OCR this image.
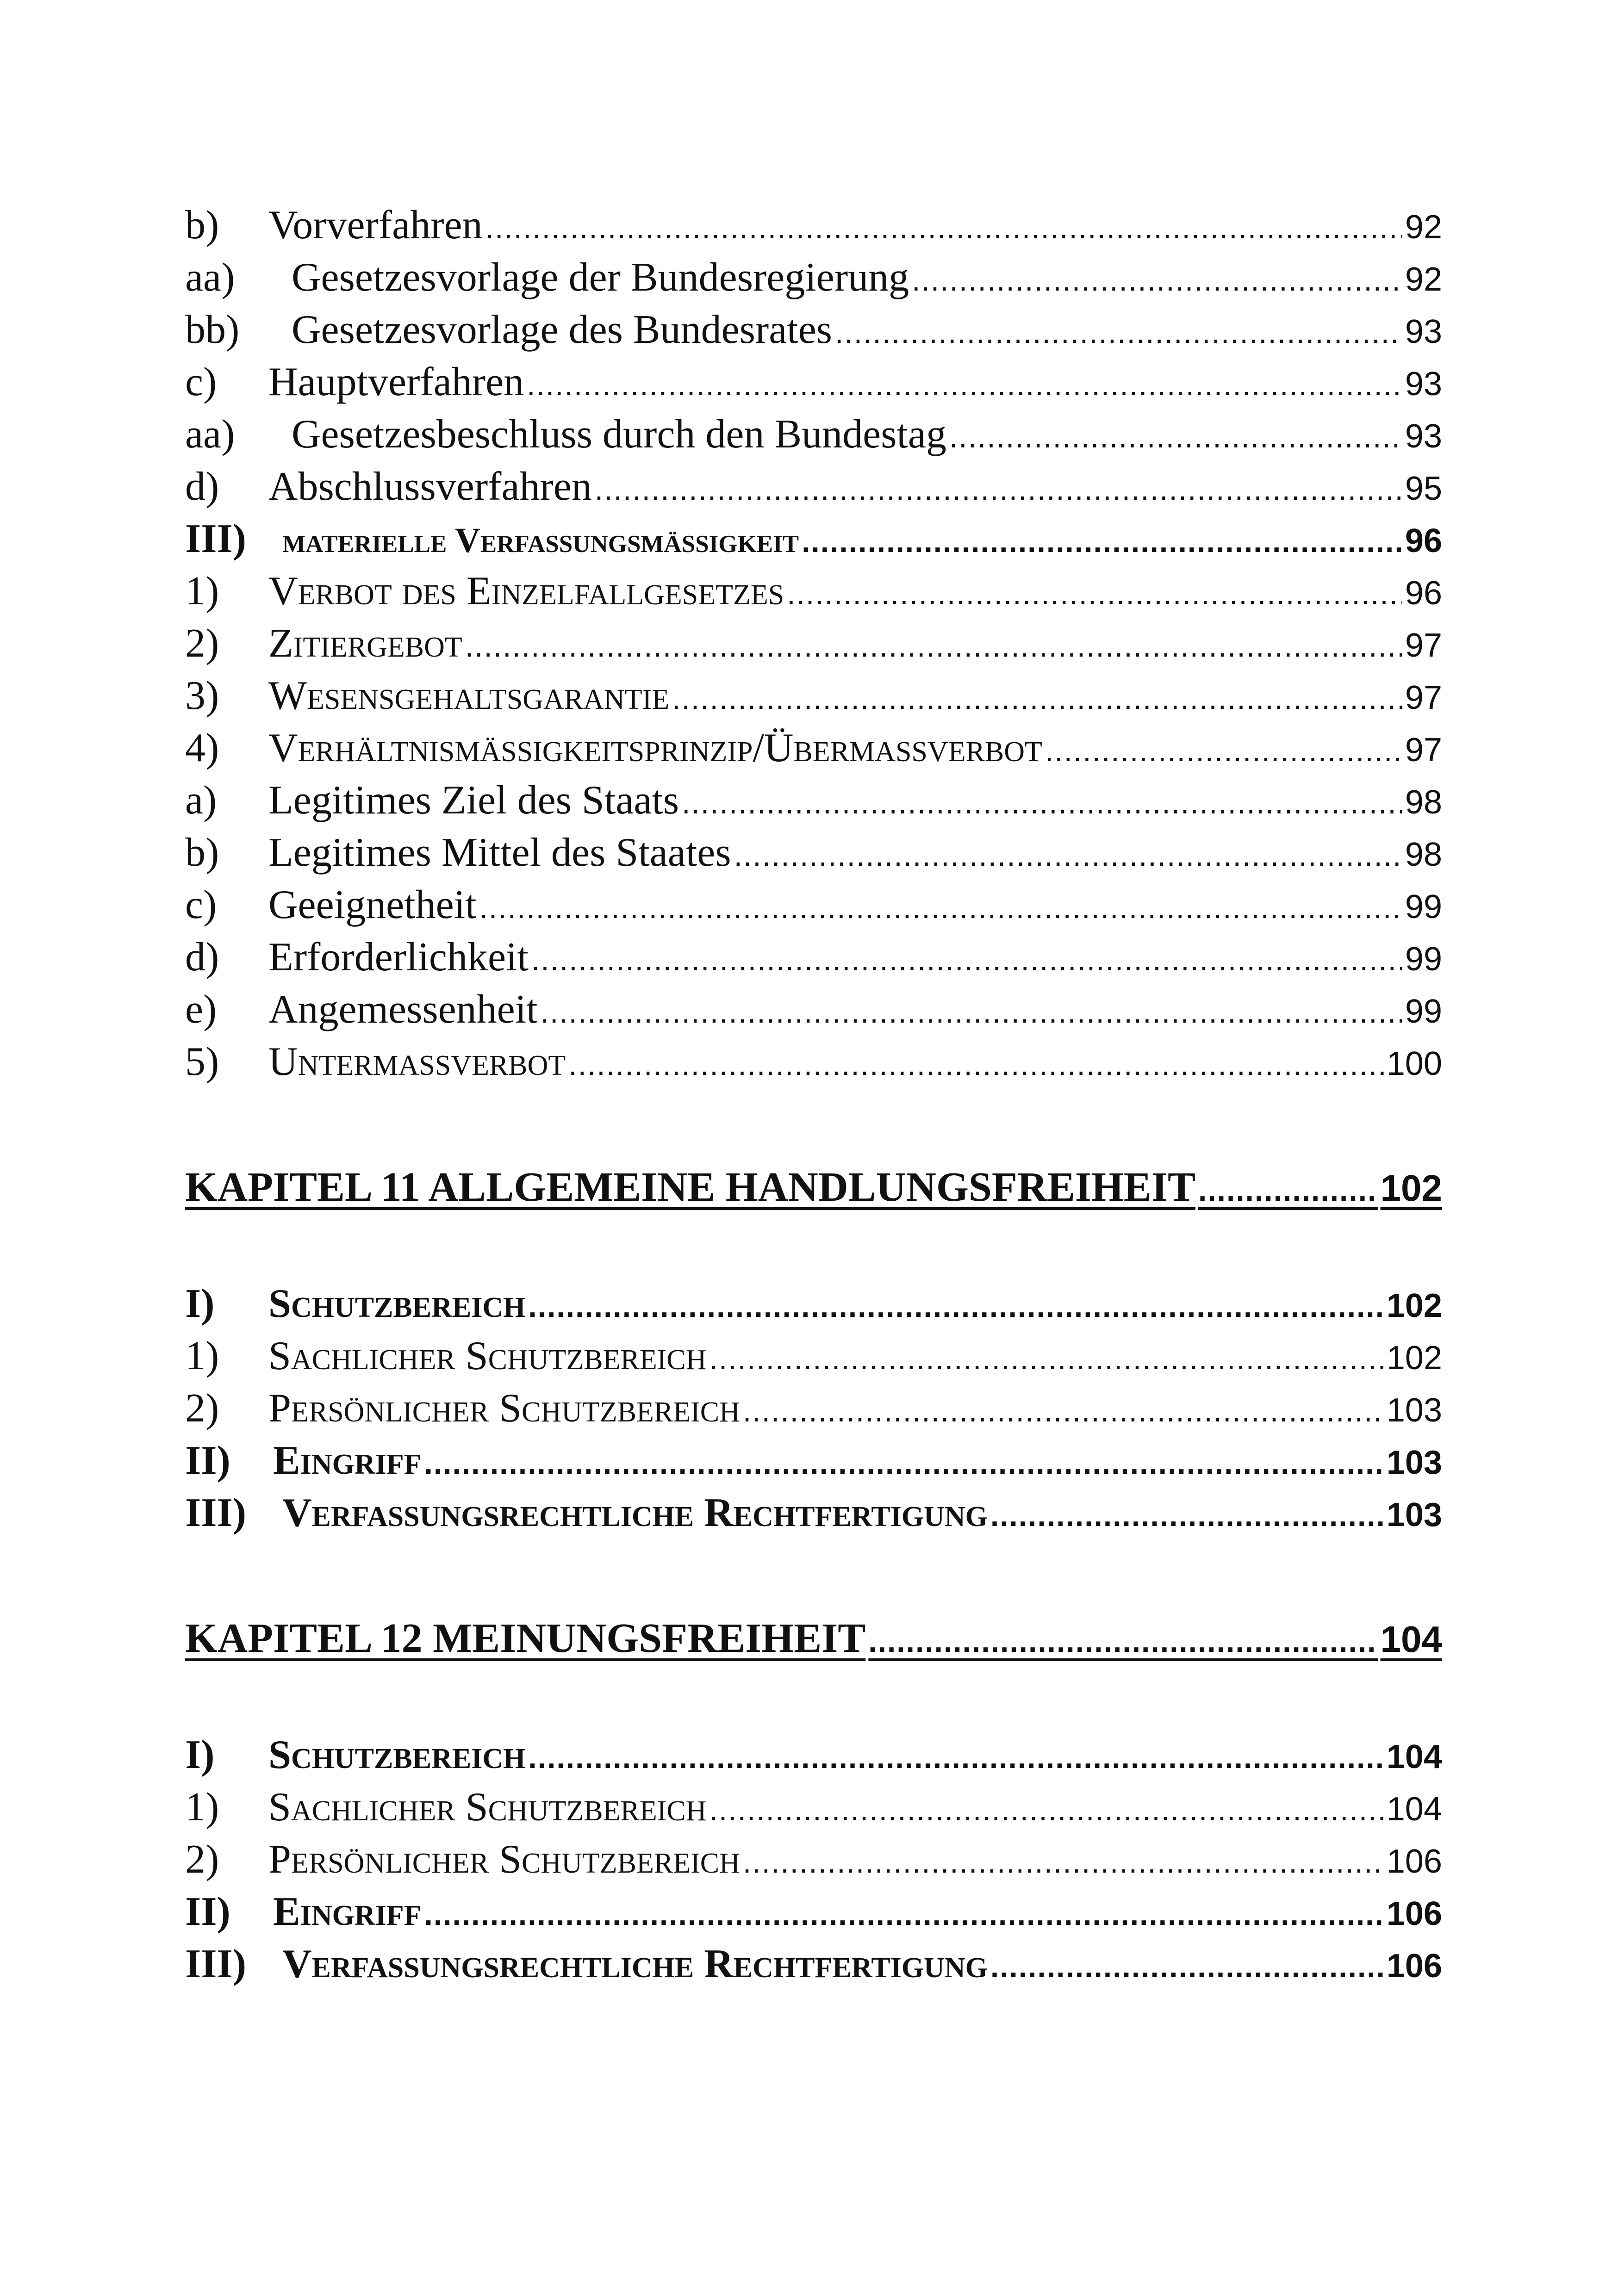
b)	Vorverfahren .....	92
aa)	Gesetzesvorlage der Bundesregierung .....	92
bb)	Gesetzesvorlage des Bundesrates .....	93
c)	Hauptverfahren .....	93
aa)	Gesetzesbeschluss durch den Bundestag .....	93
d)	Abschlussverfahren .....	95
III)	materielle Verfassungsmäßigkeit .....	96
1)	Verbot des Einzelfallgesetzes .....	96
2)	Zitiergebot .....	97
3)	Wesensgehaltsgarantie .....	97
4)	Verhältnismäßigkeitsprinzip/Übermaßverbot .....	97
a)	Legitimes Ziel des Staats .....	98
b)	Legitimes Mittel des Staates .....	98
c)	Geeignetheit .....	99
d)	Erforderlichkeit .....	99
e)	Angemessenheit .....	99
5)	Untermaßverbot .....	100
KAPITEL 11 ALLGEMEINE HANDLUNGSFREIHEIT .....	102
I)	Schutzbereich .....	102
1)	Sachlicher Schutzbereich .....	102
2)	Persönlicher Schutzbereich .....	103
II)	Eingriff .....	103
III) Verfassungsrechtliche Rechtfertigung .....	103
KAPITEL 12 MEINUNGSFREIHEIT .....	104
I)	Schutzbereich .....	104
1)	Sachlicher Schutzbereich .....	104
2)	Persönlicher Schutzbereich .....	106
II)	Eingriff .....	106
III) Verfassungsrechtliche Rechtfertigung .....	106
